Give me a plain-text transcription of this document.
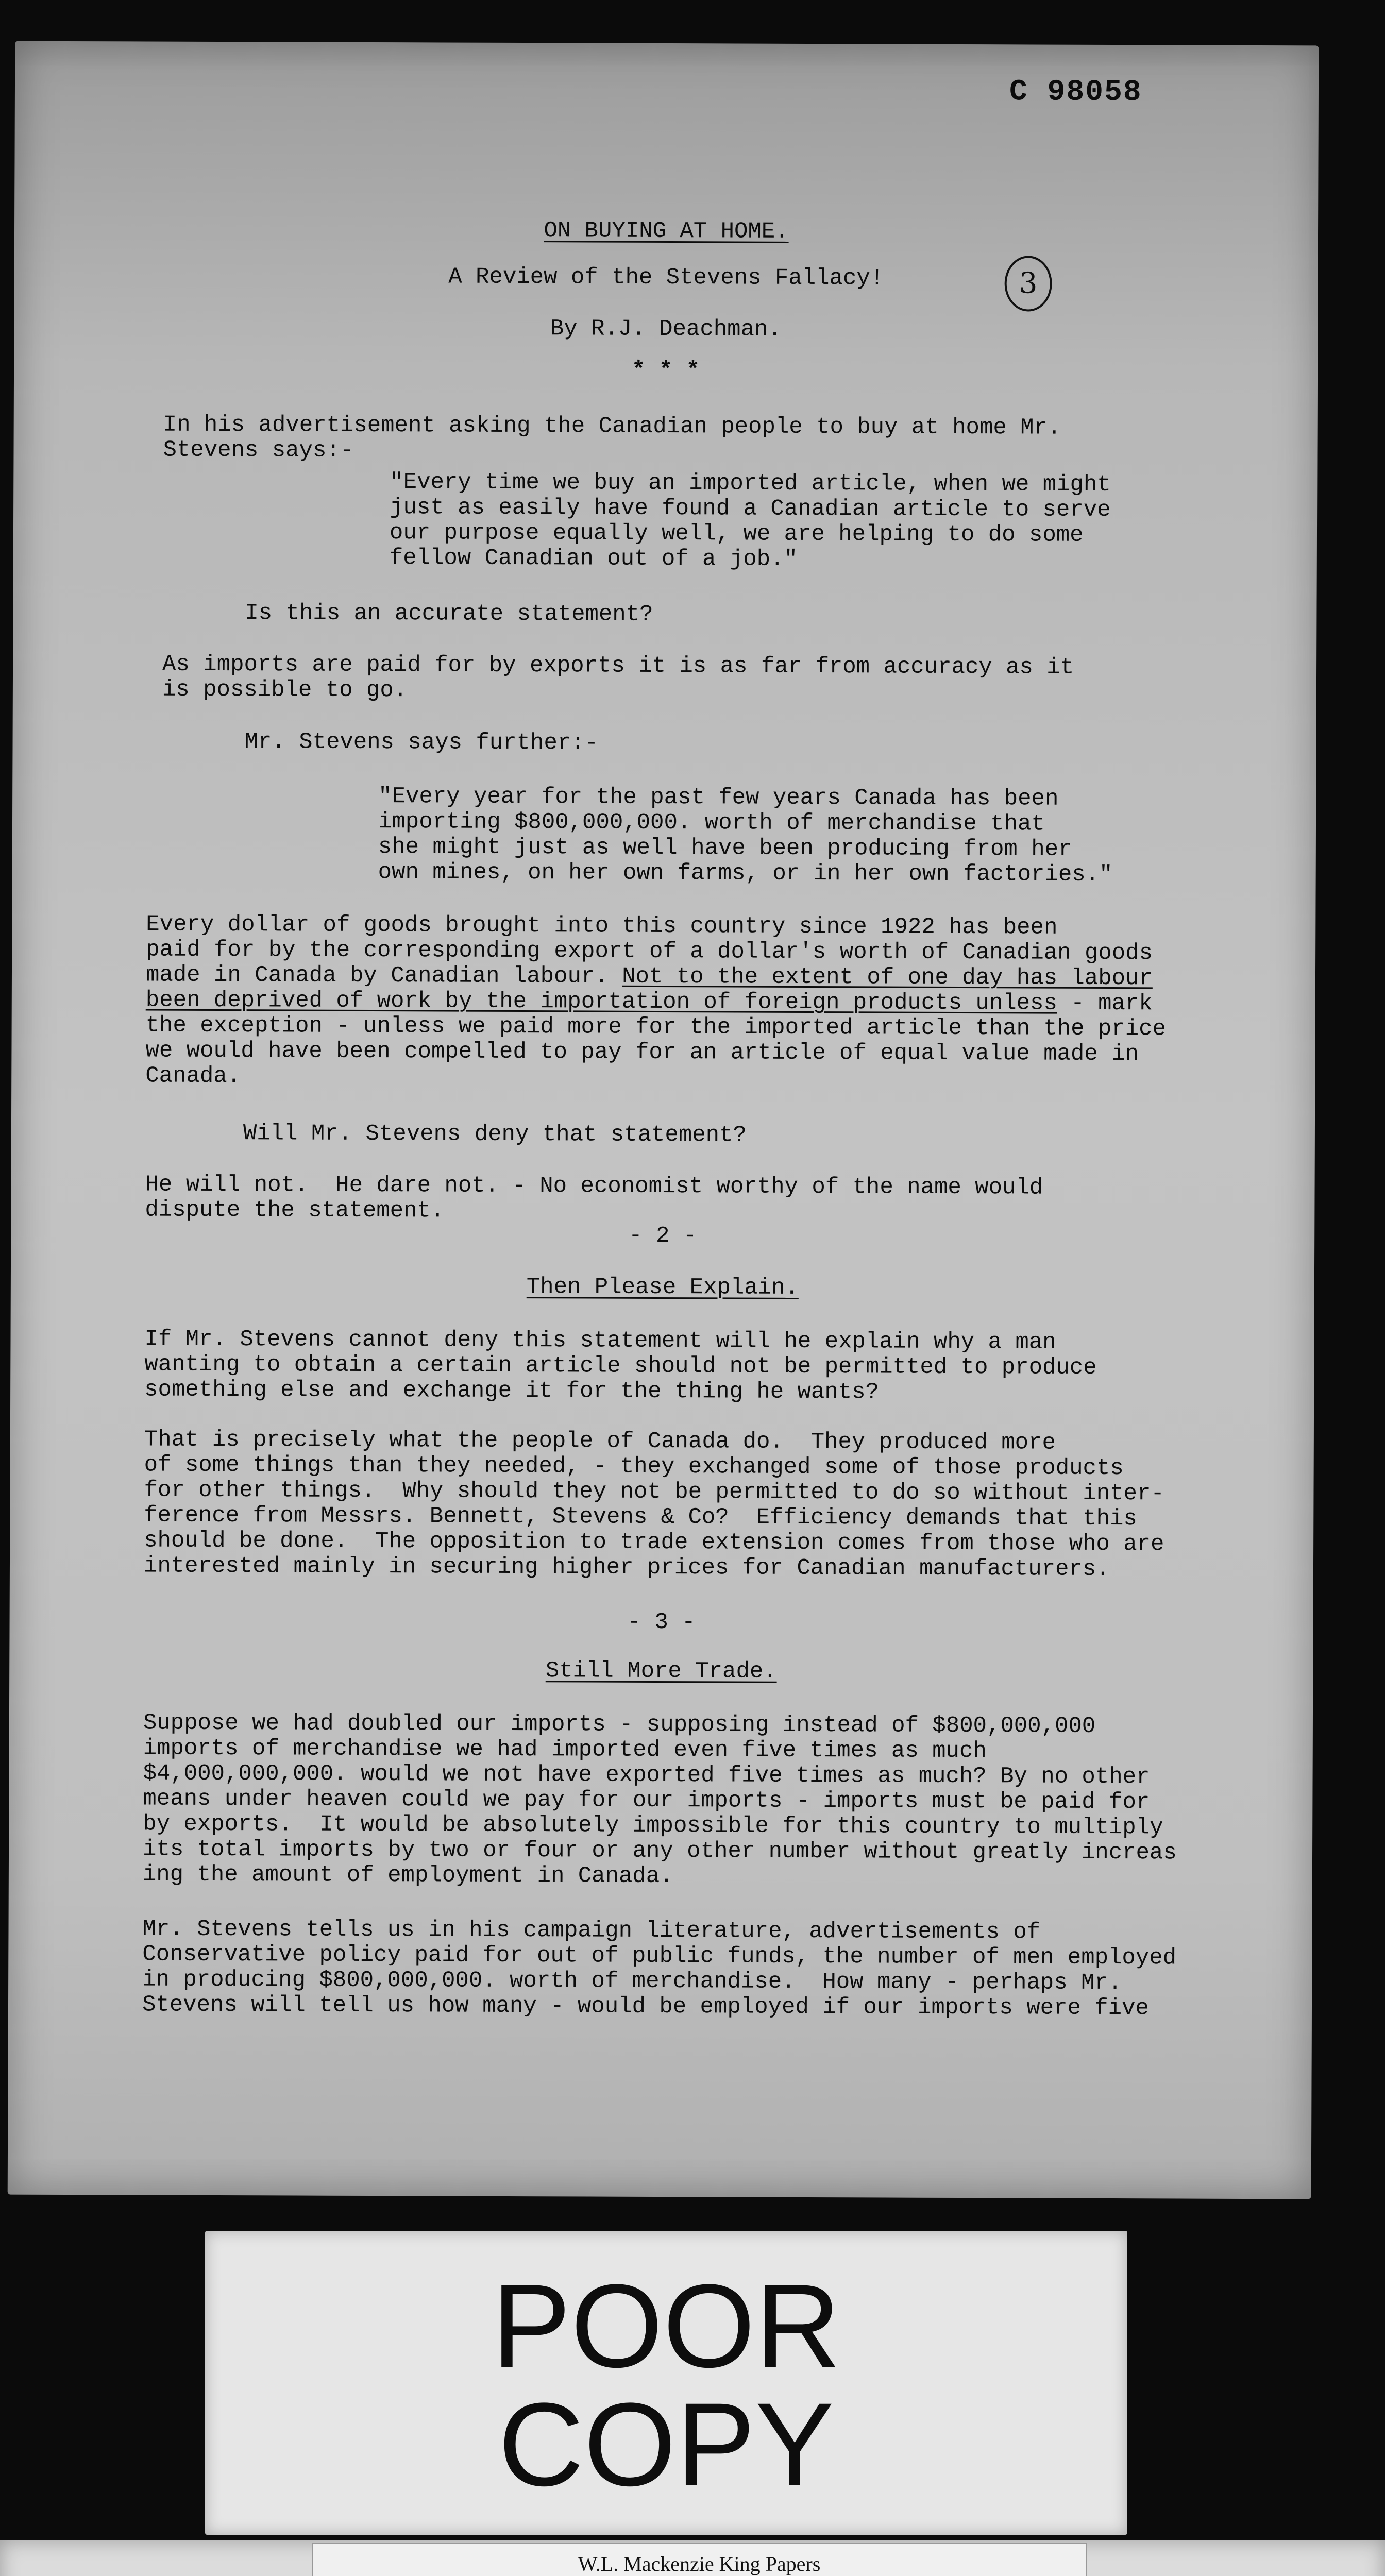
C 98058
ON BUYING AT HOME.
A Review of the Stevens Fallacy!	3
By R.J. Deachman.
* * *
In his advertisement asking the Canadian people to buy at home Mr.
Stevens says:-
"Every time we buy an imported article, when we might
just as easily have found a Canadian article to serve
our purpose equally well, we are helping to do some
fellow Canadian out of a job."
Is this an accurate statement?
As imports are paid for by exports it is as far from accuracy as it
is possible to go.
Mr. Stevens says further:-
"Every year for the past few years Canada has been
importing $800,000,000. worth of merchandise that
she might just as well have been producing from her
own mines, on her own farms, or in her own factories."
Every dollar of goods brought into this country since 1922 has been
paid for by the corresponding export of a dollar's worth of Canadian goods
made in Canada by Canadian labour. Not to the extent of one day has labour
been deprived of work by the importation of foreign products unless - mark
the exception - unless we paid more for the imported article than the price
we would have been compelled to pay for an article of equal value made in
Canada.
Will Mr. Stevens deny that statement?
He will not.  He dare not. - No economist worthy of the name would
dispute the statement.
- 2 -
Then Please Explain.
If Mr. Stevens cannot deny this statement will he explain why a man
wanting to obtain a certain article should not be permitted to produce
something else and exchange it for the thing he wants?
That is precisely what the people of Canada do.  They produced more
of some things than they needed, - they exchanged some of those products
for other things.  Why should they not be permitted to do so without inter-
ference from Messrs. Bennett, Stevens & Co?  Efficiency demands that this
should be done.  The opposition to trade extension comes from those who are
interested mainly in securing higher prices for Canadian manufacturers.
- 3 -
Still More Trade.
Suppose we had doubled our imports - supposing instead of $800,000,000
imports of merchandise we had imported even five times as much
$4,000,000,000. would we not have exported five times as much? By no other
means under heaven could we pay for our imports - imports must be paid for
by exports.  It would be absolutely impossible for this country to multiply
its total imports by two or four or any other number without greatly increas
ing the amount of employment in Canada.
Mr. Stevens tells us in his campaign literature, advertisements of
Conservative policy paid for out of public funds, the number of men employed
in producing $800,000,000. worth of merchandise.  How many - perhaps Mr.
Stevens will tell us how many - would be employed if our imports were five
POOR
COPY
W.L. Mackenzie King Papers
